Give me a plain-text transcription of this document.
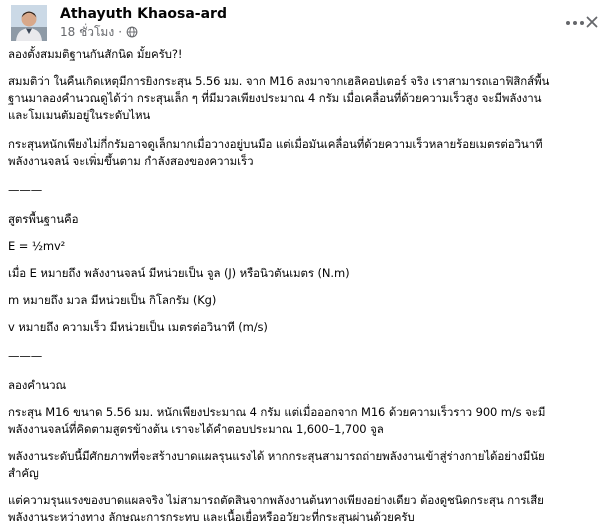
Athayuth Khaosa-ard
18 ชั่วโมง ·

ลองตั้งสมมติฐานกันสักนิด มั้ยครับ?!

สมมติว่า ในคืนเกิดเหตุมีการยิงกระสุน 5.56 มม. จาก M16 ลงมาจากเฮลิคอปเตอร์ จริง เราสามารถเอาฟิสิกส์พื้น

ฐานมาลองคำนวณดูได้ว่า กระสุนเล็ก ๆ ที่มีมวลเพียงประมาณ 4 กรัม เมื่อเคลื่อนที่ด้วยความเร็วสูง จะมีพลังงาน

และโมเมนตัมอยู่ในระดับไหน

กระสุนหนักเพียงไม่กี่กรัมอาจดูเล็กมากเมื่อวางอยู่บนมือ แต่เมื่อมันเคลื่อนที่ด้วยความเร็วหลายร้อยเมตรต่อวินาที

พลังงานจลน์ จะเพิ่มขึ้นตาม กำลังสองของความเร็ว

———

สูตรพื้นฐานคือ

E = ½mv²

เมื่อ E หมายถึง พลังงานจลน์ มีหน่วยเป็น จูล (J) หรือนิวตันเมตร (N.m)

m หมายถึง มวล มีหน่วยเป็น กิโลกรัม (Kg)

v หมายถึง ความเร็ว มีหน่วยเป็น เมตรต่อวินาที (m/s)

———

ลองคำนวณ

กระสุน M16 ขนาด 5.56 มม. หนักเพียงประมาณ 4 กรัม แต่เมื่อออกจาก M16 ด้วยความเร็วราว 900 m/s จะมี

พลังงานจลน์ที่คิดตามสูตรข้างต้น เราจะได้คำตอบประมาณ 1,600–1,700 จูล

พลังงานระดับนี้มีศักยภาพที่จะสร้างบาดแผลรุนแรงได้ หากกระสุนสามารถถ่ายพลังงานเข้าสู่ร่างกายได้อย่างมีนัย

สำคัญ

แต่ความรุนแรงของบาดแผลจริง ไม่สามารถตัดสินจากพลังงานต้นทางเพียงอย่างเดียว ต้องดูชนิดกระสุน การเสีย

พลังงานระหว่างทาง ลักษณะการกระทบ และเนื้อเยื่อหรืออวัยวะที่กระสุนผ่านด้วยครับ
